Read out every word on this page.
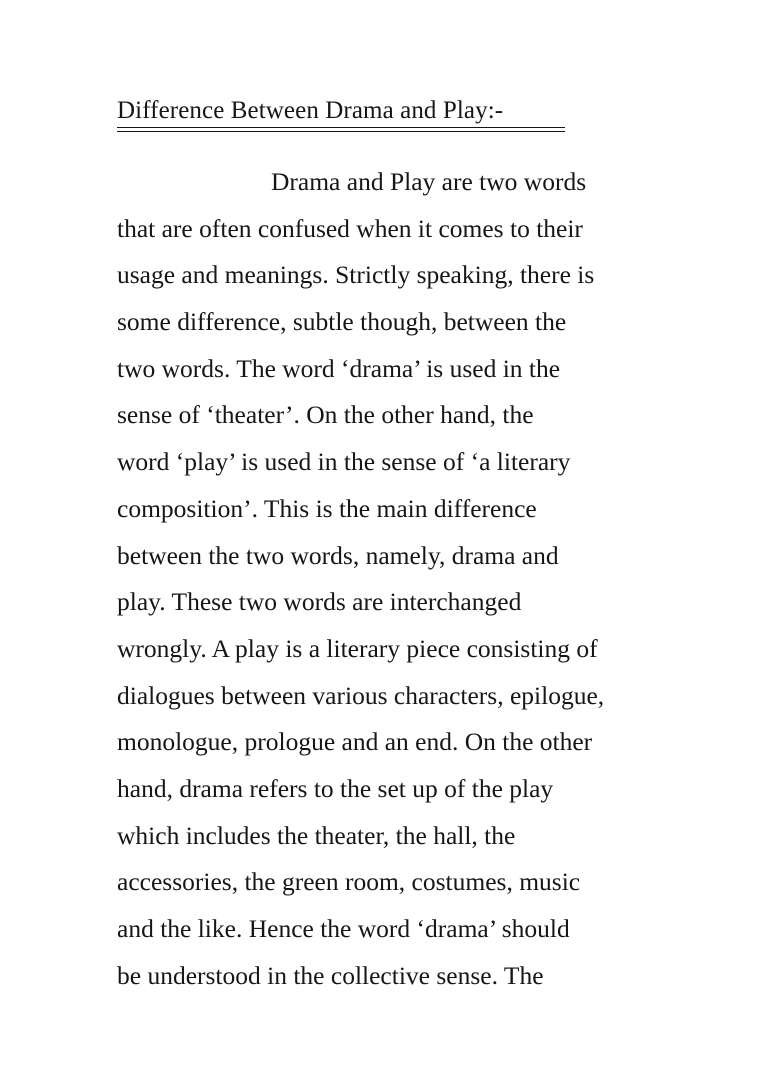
Difference Between Drama and Play:-
Drama and Play are two words
that are often confused when it comes to their
usage and meanings. Strictly speaking, there is
some difference, subtle though, between the
two words. The word ‘drama’ is used in the
sense of ‘theater’. On the other hand, the
word ‘play’ is used in the sense of ‘a literary
composition’. This is the main difference
between the two words, namely, drama and
play. These two words are interchanged
wrongly. A play is a literary piece consisting of
dialogues between various characters, epilogue,
monologue, prologue and an end. On the other
hand, drama refers to the set up of the play
which includes the theater, the hall, the
accessories, the green room, costumes, music
and the like. Hence the word ‘drama’ should
be understood in the collective sense. The
